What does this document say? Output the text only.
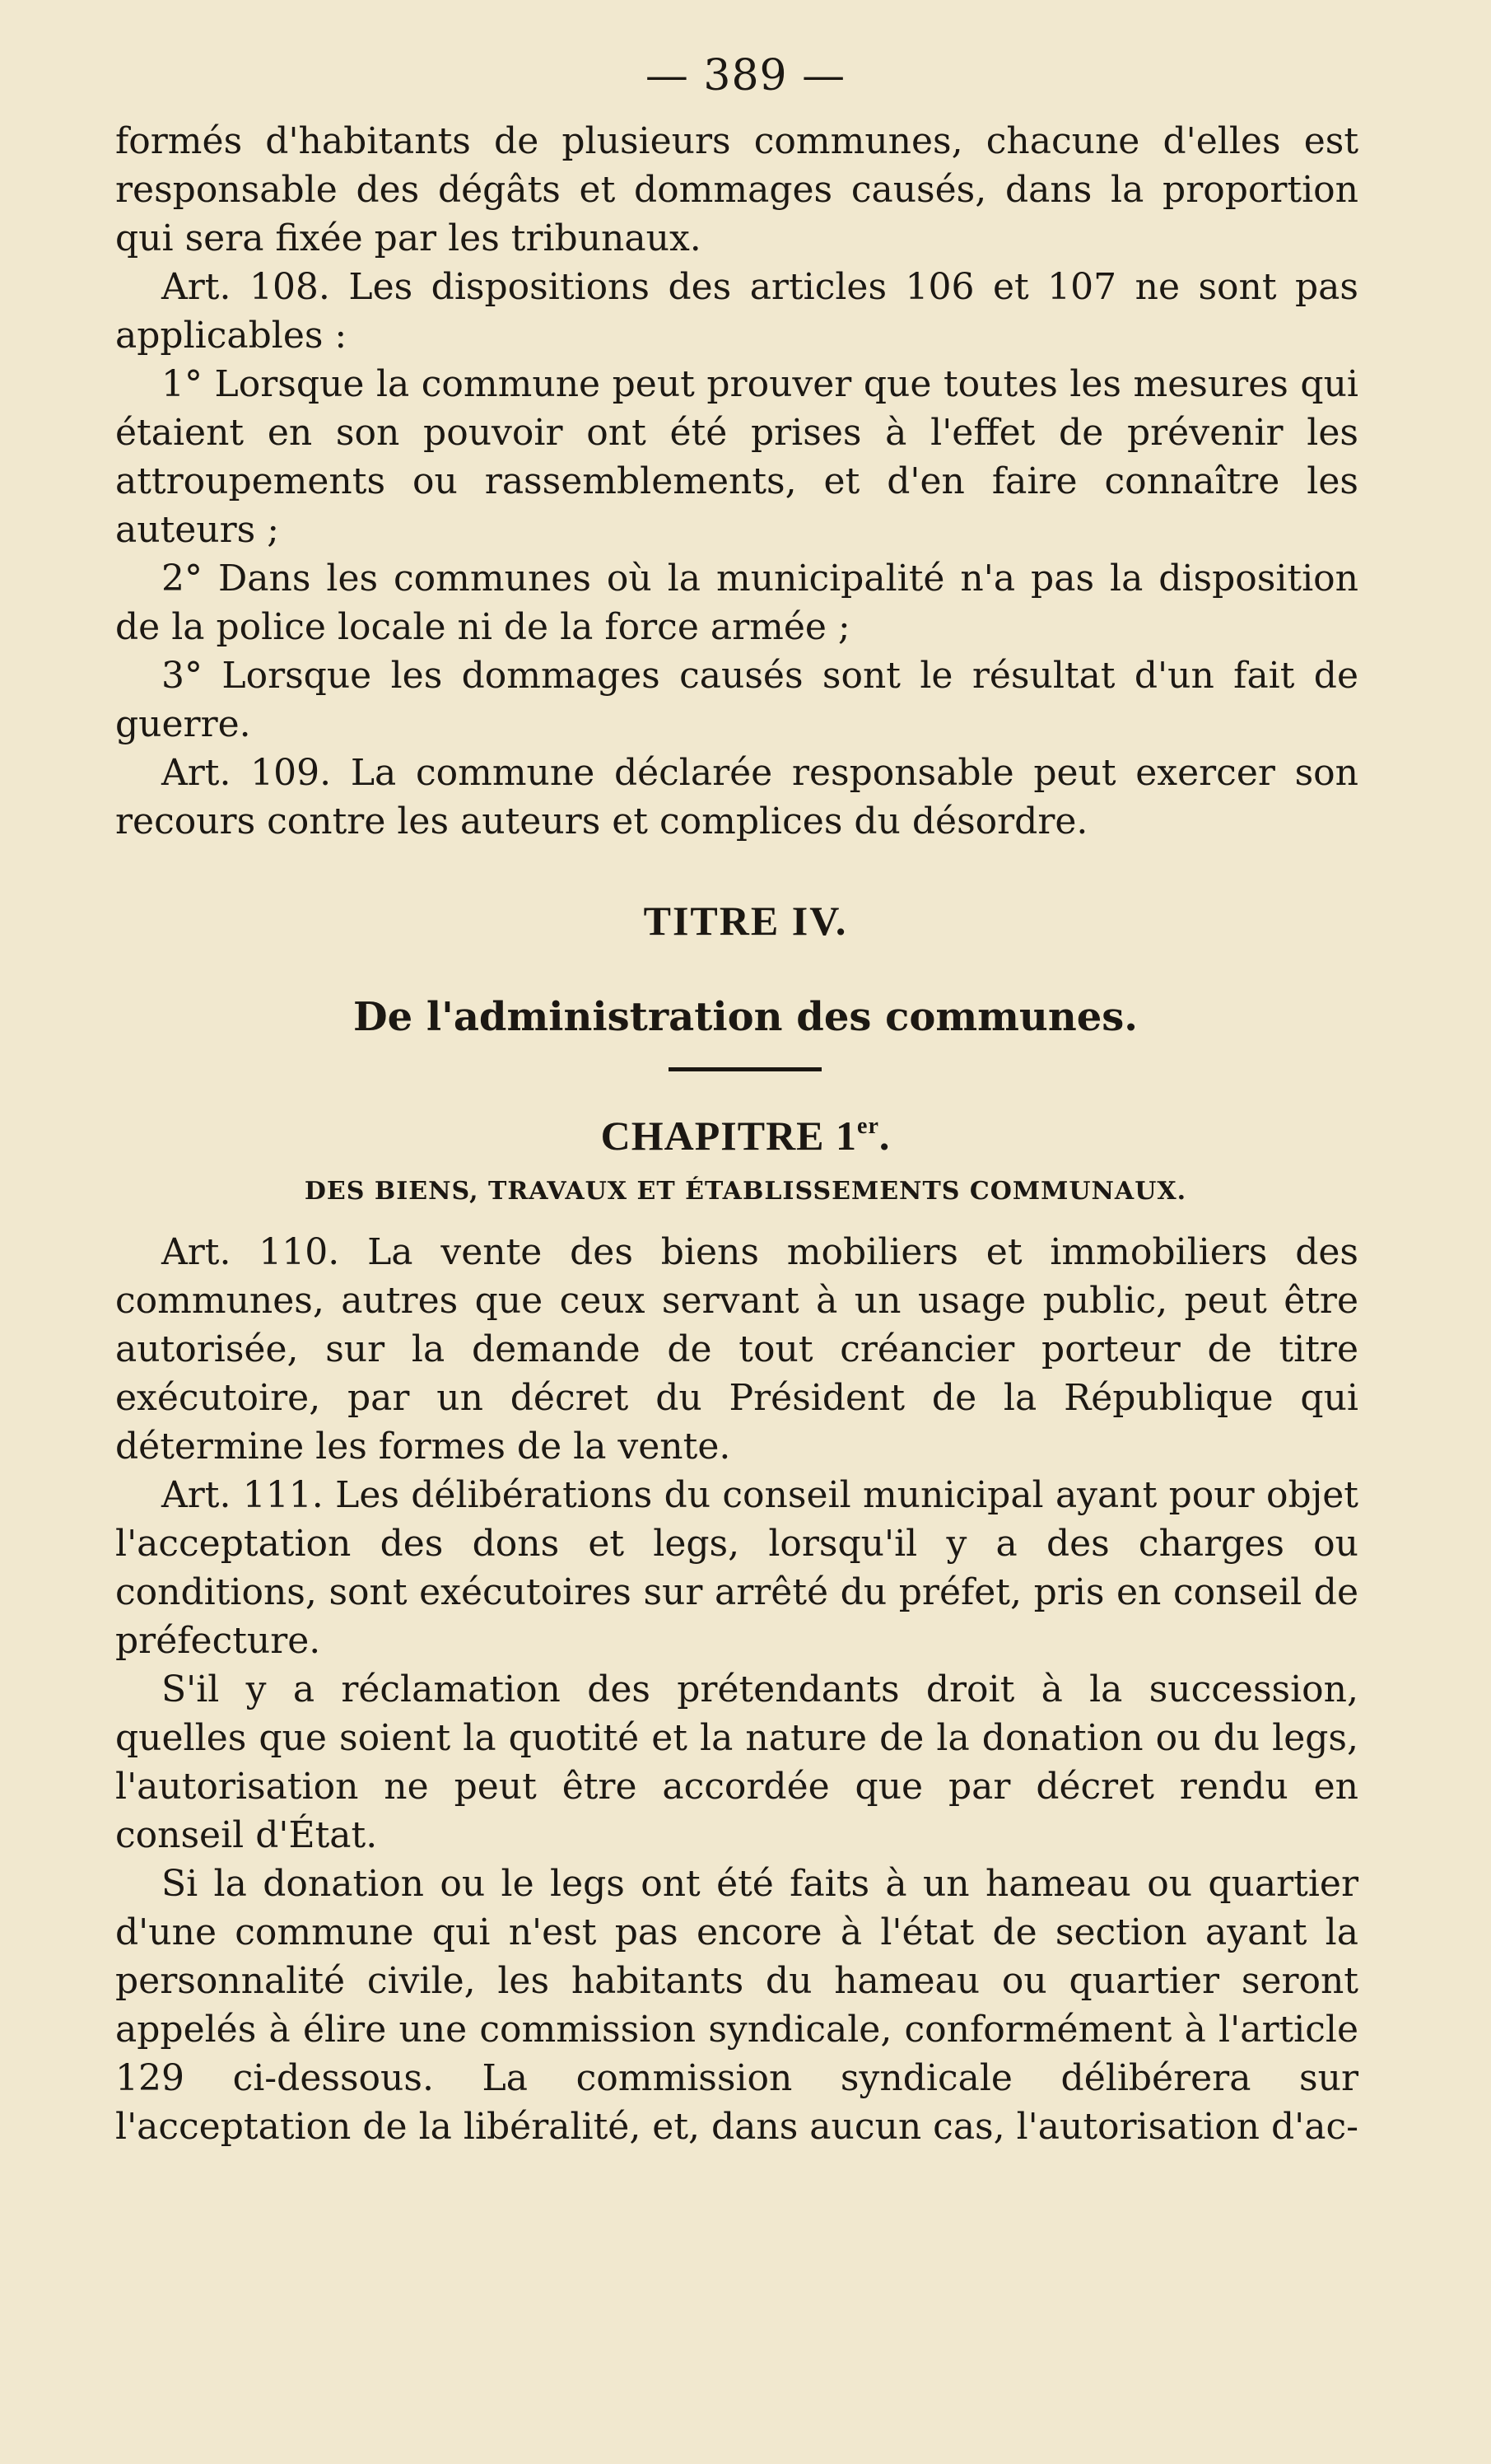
— 389 —

formés d'habitants de plusieurs communes, chacune d'elles est responsable des dégâts et dommages causés, dans la proportion qui sera fixée par les tribunaux.

Art. 108. Les dispositions des articles 106 et 107 ne sont pas applicables :

1° Lorsque la commune peut prouver que toutes les mesures qui étaient en son pouvoir ont été prises à l'effet de prévenir les attroupements ou rassemblements, et d'en faire connaître les auteurs ;

2° Dans les communes où la municipalité n'a pas la disposition de la police locale ni de la force armée ;

3° Lorsque les dommages causés sont le résultat d'un fait de guerre.

Art. 109. La commune déclarée responsable peut exercer son recours contre les auteurs et complices du désordre.

TITRE IV.
De l'administration des communes.
CHAPITRE 1er.
DES BIENS, TRAVAUX ET ÉTABLISSEMENTS COMMUNAUX.

Art. 110. La vente des biens mobiliers et immobiliers des communes, autres que ceux servant à un usage public, peut être autorisée, sur la demande de tout créancier porteur de titre exécutoire, par un décret du Président de la République qui détermine les formes de la vente.

Art. 111. Les délibérations du conseil municipal ayant pour objet l'acceptation des dons et legs, lorsqu'il y a des charges ou conditions, sont exécutoires sur arrêté du préfet, pris en conseil de préfecture.

S'il y a réclamation des prétendants droit à la succession, quelles que soient la quotité et la nature de la donation ou du legs, l'autorisation ne peut être accordée que par décret rendu en conseil d'État.

Si la donation ou le legs ont été faits à un hameau ou quartier d'une commune qui n'est pas encore à l'état de section ayant la personnalité civile, les habitants du hameau ou quartier seront appelés à élire une commission syndicale, conformément à l'article 129 ci-dessous. La commission syndicale délibérera sur l'acceptation de la libéralité, et, dans aucun cas, l'autorisation d'ac-
